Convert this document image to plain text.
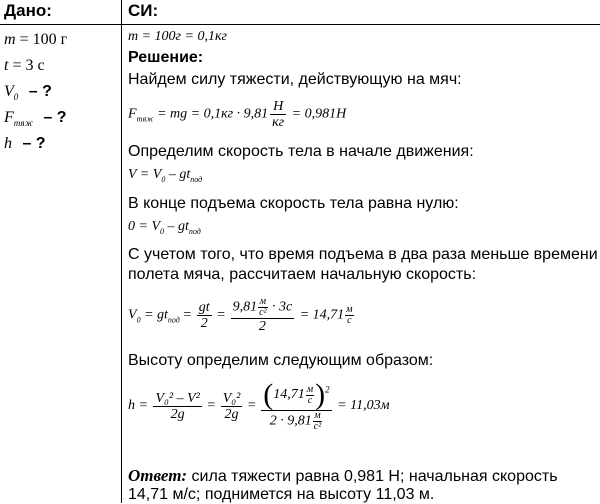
Дано:	СИ:
m = 100 г
t = 3 с
$V_0$ – ?
$F_{тяж}$ – ?
h – ?
m = 100г = 0,1кг
Решение:
Найдем силу тяжести, действующую на мяч:
$F_{тяж}$ = mg = $0,1кг \cdot 9,81 \frac{Н}{кг} = 0,981Н$
Определим скорость тела в начале движения:
$V = V_0 - gt_{под}$
В конце подъема скорость тела равна нулю:
$0 = V_0 - gt_{под}$
С учетом того, что время подъема в два раза меньше времени
полета мяча, рассчитаем начальную скорость:
$V_0 = gt_{под} = \frac{gt}{2} = 9,81$ м
с² · 3с
2 = 14,71 м
с
Высоту определим следующим образом:
$h = \frac{\text{V₀² – V²}}{2g} = \frac{\text{V₀²}}{2g} = (14,71$ м
с )$^2$
2 · 9,81 м
с² = 11,03м
Ответ: сила тяжести равна 0,981 Н; начальная скорость 14,71 м/с; поднимется на высоту 11,03 м.
